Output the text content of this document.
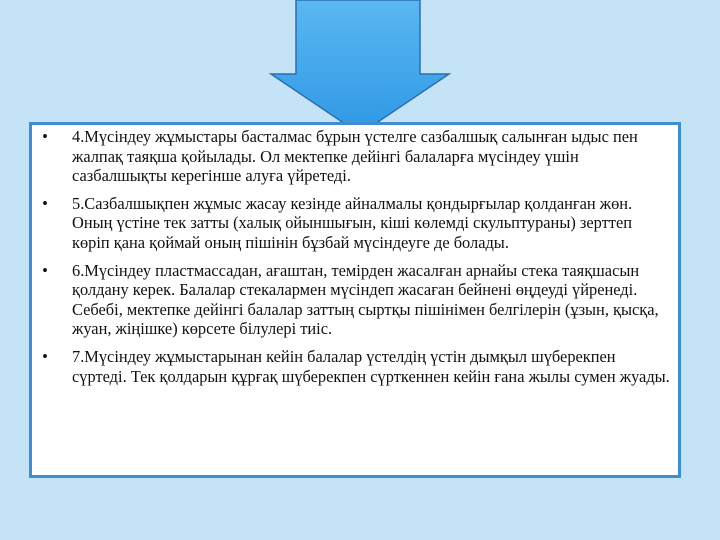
• 4.Мүсіндеу жұмыстары басталмас бұрын үстелге сазбалшық салынған ыдыс пен жалпақ таяқша қойылады. Ол мектепке дейінгі балаларға мүсіндеу үшін сазбалшықты керегінше алуға үйретеді.
• 5.Сазбалшықпен жұмыс жасау кезінде айналмалы қондырғылар қолданған жөн. Оның үстіне тек затты (халық ойыншығын, кіші көлемді скульптураны) зерттеп көріп қана қоймай оның пішінін бұзбай мүсіндеуге де болады.
• 6.Мүсіндеу пластмассадан, ағаштан, темірден жасалған арнайы стека таяқшасын қолдану керек. Балалар стекалармен мүсіндеп жасаған бейнені өңдеуді үйренеді. Себебі, мектепке дейінгі балалар заттың сыртқы пішінімен белгілерін (ұзын, қысқа, жуан, жіңішке) көрсете білулері тиіс.
• 7.Мүсіндеу жұмыстарынан кейін балалар үстелдің үстін дымқыл шүберекпен сүртеді. Тек қолдарын құрғақ шүберекпен сүрткеннен кейін ғана жылы сумен жуады.
